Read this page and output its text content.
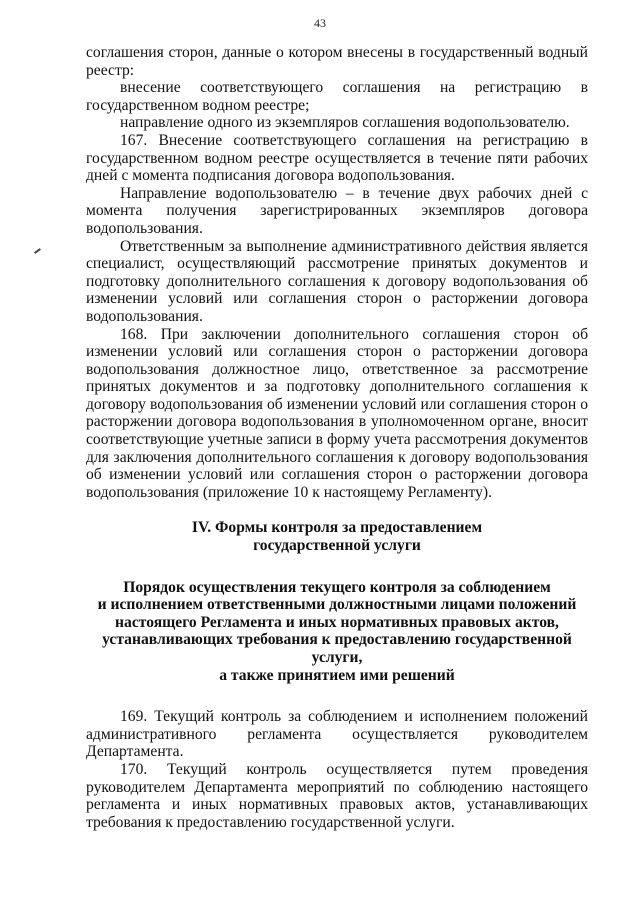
43

соглашения сторон, данные о котором внесены в государственный водный реестр:

внесение соответствующего соглашения на регистрацию в государственном водном реестре;

направление одного из экземпляров соглашения водопользователю.

167. Внесение соответствующего соглашения на регистрацию в государственном водном реестре осуществляется в течение пяти рабочих дней с момента подписания договора водопользования.

Направление водопользователю – в течение двух рабочих дней с момента получения зарегистрированных экземпляров договора водопользования.

Ответственным за выполнение административного действия является специалист, осуществляющий рассмотрение принятых документов и подготовку дополнительного соглашения к договору водопользования об изменении условий или соглашения сторон о расторжении договора водопользования.

168. При заключении дополнительного соглашения сторон об изменении условий или соглашения сторон о расторжении договора водопользования должностное лицо, ответственное за рассмотрение принятых документов и за подготовку дополнительного соглашения к договору водопользования об изменении условий или соглашения сторон о расторжении договора водопользования в уполномоченном органе, вносит соответствующие учетные записи в форму учета рассмотрения документов для заключения дополнительного соглашения к договору водопользования об изменении условий или соглашения сторон о расторжении договора водопользования (приложение 10 к настоящему Регламенту).

IV. Формы контроля за предоставлением
государственной услуги
Порядок осуществления текущего контроля за соблюдением
и исполнением ответственными должностными лицами положений
настоящего Регламента и иных нормативных правовых актов,
устанавливающих требования к предоставлению государственной услуги,
а также принятием ими решений

169. Текущий контроль за соблюдением и исполнением положений административного регламента осуществляется руководителем Департамента.

170. Текущий контроль осуществляется путем проведения руководителем Департамента мероприятий по соблюдению настоящего регламента и иных нормативных правовых актов, устанавливающих требования к предоставлению государственной услуги.
